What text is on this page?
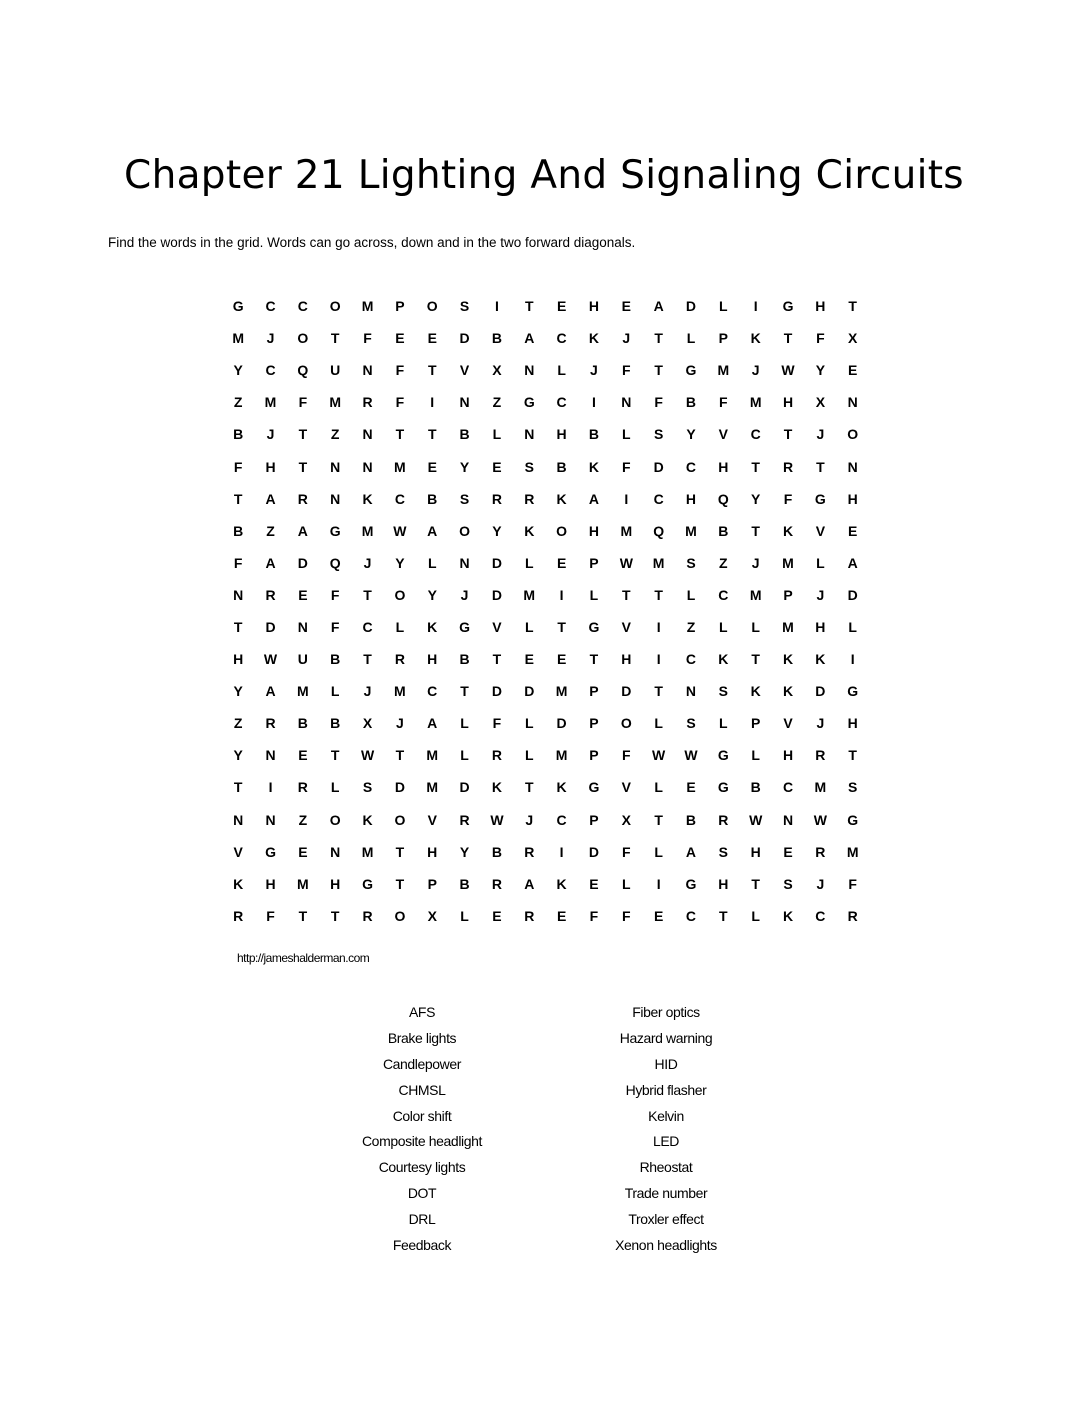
Chapter 21 Lighting And Signaling Circuits

Find the words in the grid. Words can go across, down and in the two forward diagonals.

G	C	C	O	M	P	O	S	I	T	E	H	E	A	D	L	I	G	H	T
M	J	O	T	F	E	E	D	B	A	C	K	J	T	L	P	K	T	F	X
Y	C	Q	U	N	F	T	V	X	N	L	J	F	T	G	M	J	W	Y	E
Z	M	F	M	R	F	I	N	Z	G	C	I	N	F	B	F	M	H	X	N
B	J	T	Z	N	T	T	B	L	N	H	B	L	S	Y	V	C	T	J	O
F	H	T	N	N	M	E	Y	E	S	B	K	F	D	C	H	T	R	T	N
T	A	R	N	K	C	B	S	R	R	K	A	I	C	H	Q	Y	F	G	H
B	Z	A	G	M	W	A	O	Y	K	O	H	M	Q	M	B	T	K	V	E
F	A	D	Q	J	Y	L	N	D	L	E	P	W	M	S	Z	J	M	L	A
N	R	E	F	T	O	Y	J	D	M	I	L	T	T	L	C	M	P	J	D
T	D	N	F	C	L	K	G	V	L	T	G	V	I	Z	L	L	M	H	L
H	W	U	B	T	R	H	B	T	E	E	T	H	I	C	K	T	K	K	I
Y	A	M	L	J	M	C	T	D	D	M	P	D	T	N	S	K	K	D	G
Z	R	B	B	X	J	A	L	F	L	D	P	O	L	S	L	P	V	J	H
Y	N	E	T	W	T	M	L	R	L	M	P	F	W	W	G	L	H	R	T
T	I	R	L	S	D	M	D	K	T	K	G	V	L	E	G	B	C	M	S
N	N	Z	O	K	O	V	R	W	J	C	P	X	T	B	R	W	N	W	G
V	G	E	N	M	T	H	Y	B	R	I	D	F	L	A	S	H	E	R	M
K	H	M	H	G	T	P	B	R	A	K	E	L	I	G	H	T	S	J	F
R	F	T	T	R	O	X	L	E	R	E	F	F	E	C	T	L	K	C	R

http://jameshalderman.com

AFS
Brake lights
Candlepower
CHMSL
Color shift
Composite headlight
Courtesy lights
DOT
DRL
Feedback
Fiber optics
Hazard warning
HID
Hybrid flasher
Kelvin
LED
Rheostat
Trade number
Troxler effect
Xenon headlights
